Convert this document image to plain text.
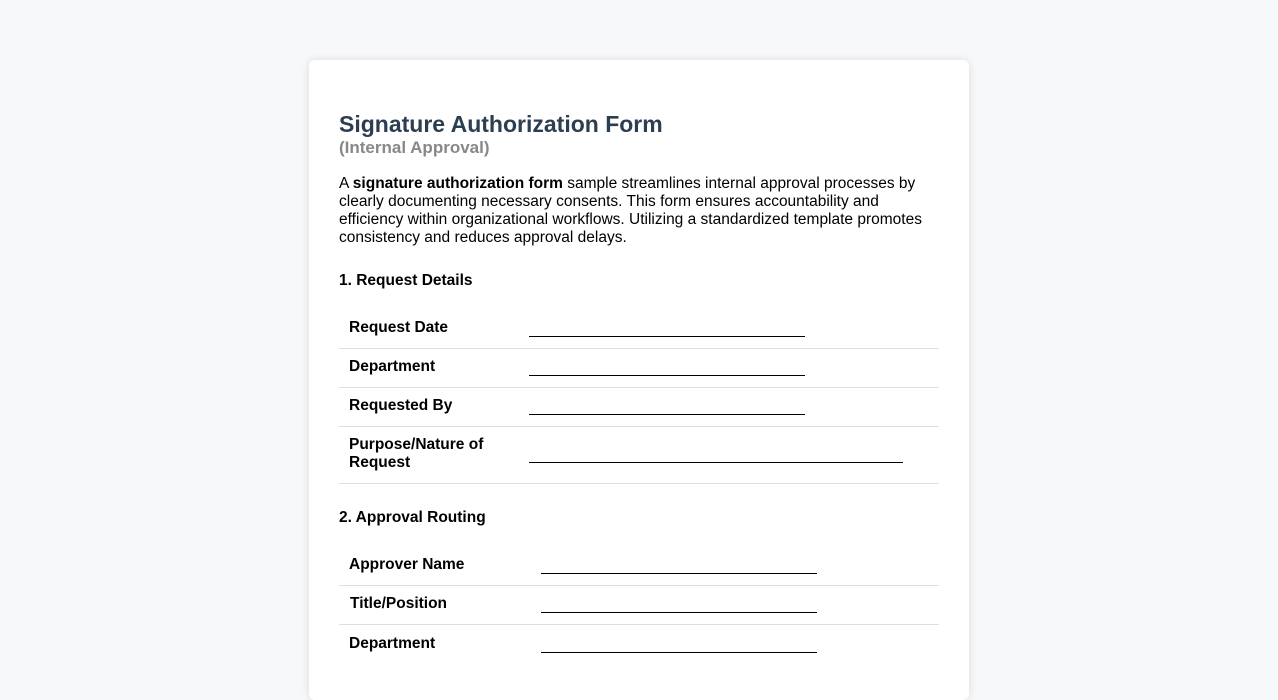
Signature Authorization Form
(Internal Approval)

A signature authorization form sample streamlines internal approval processes by clearly documenting necessary consents. This form ensures accountability and efficiency within organizational workflows. Utilizing a standardized template promotes consistency and reduces approval delays.

1. Request Details
Request Date
Department
Requested By
Purpose/Nature of Request
2. Approval Routing
Approver Name
Title/Position
Department
